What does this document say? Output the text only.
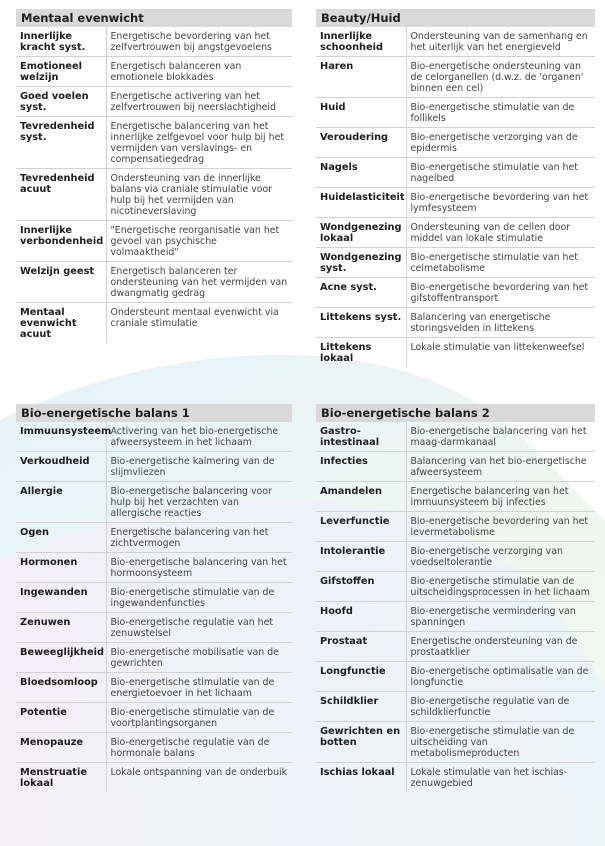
Mentaal evenwicht
Innerlijke kracht syst.	Energetische bevordering van het zelfvertrouwen bij angstgevoelens
Emotioneel welzijn	Energetisch balanceren van emotionele blokkades
Goed voelen syst.	Energetische activering van het zelfvertrouwen bij neerslachtigheid
Tevredenheid syst.	Energetische balancering van het innerlijke zelfgevoel voor hulp bij het vermijden van verslavings- en compensatiegedrag
Tevredenheid acuut	Ondersteuning van de innerlijke balans via craniale stimulatie voor hulp bij het vermijden van nicotineverslaving
Innerlijke verbondenheid	"Energetische reorganisatie van het gevoel van psychische volmaaktheid"
Welzijn geest	Energetisch balanceren ter ondersteuning van het vermijden van dwangmatig gedrag
Mentaal evenwicht acuut	Ondersteunt mentaal evenwicht via craniale stimulatie
Beauty/Huid
Innerlijke schoonheid	Ondersteuning van de samenhang en het uiterlijk van het energieveld
Haren	Bio-energetische ondersteuning van de celorganellen (d.w.z. de 'organen' binnen een cel)
Huid	Bio-energetische stimulatie van de follikels
Veroudering	Bio-energetische verzorging van de epidermis
Nagels	Bio-energetische stimulatie van het nagelbed
Huidelasticiteit	Bio-energetische bevordering van het lymfesysteem
Wondgenezing lokaal	Ondersteuning van de cellen door middel van lokale stimulatie
Wondgenezing syst.	Bio-energetische stimulatie van het celmetabolisme
Acne syst.	Bio-energetische bevordering van het gifstoffentransport
Littekens syst.	Balancering van energetische storingsvelden in littekens
Littekens lokaal	Lokale stimulatie van littekenweefsel
Bio-energetische balans 1
Immuunsysteem	Activering van het bio-energetische afweersysteem in het lichaam
Verkoudheid	Bio-energetische kalmering van de slijmvliezen
Allergie	Bio-energetische balancering voor hulp bij het verzachten van allergische reacties
Ogen	Energetische balancering van het zichtvermogen
Hormonen	Bio-energetische balancering van het hormoonsysteem
Ingewanden	Bio-energetische stimulatie van de ingewandenfuncties
Zenuwen	Bio-energetische regulatie van het zenuwstelsel
Beweeglijkheid	Bio-energetische mobilisatie van de gewrichten
Bloedsomloop	Bio-energetische stimulatie van de energietoevoer in het lichaam
Potentie	Bio-energetische stimulatie van de voortplantingsorganen
Menopauze	Bio-energetische regulatie van de hormonale balans
Menstruatie lokaal	Lokale ontspanning van de onderbuik
Bio-energetische balans 2
Gastro-intestinaal	Bio-energetische balancering van het maag-darmkanaal
Infecties	Balancering van het bio-energetische afweersysteem
Amandelen	Energetische balancering van het immuunsysteem bij infecties
Leverfunctie	Bio-energetische bevordering van het levermetabolisme
Intolerantie	Bio-energetische verzorging van voedseltolerantie
Gifstoffen	Bio-energetische stimulatie van de uitscheidingsprocessen in het lichaam
Hoofd	Bio-energetische vermindering van spanningen
Prostaat	Energetische ondersteuning van de prostaatklier
Longfunctie	Bio-energetische optimalisatie van de longfunctie
Schildklier	Bio-energetische regulatie van de schildklierfunctie
Gewrichten en botten	Bio-energetische stimulatie van de uitscheiding van metabolismeproducten
Ischias lokaal	Lokale stimulatie van het ischias-zenuwgebied
